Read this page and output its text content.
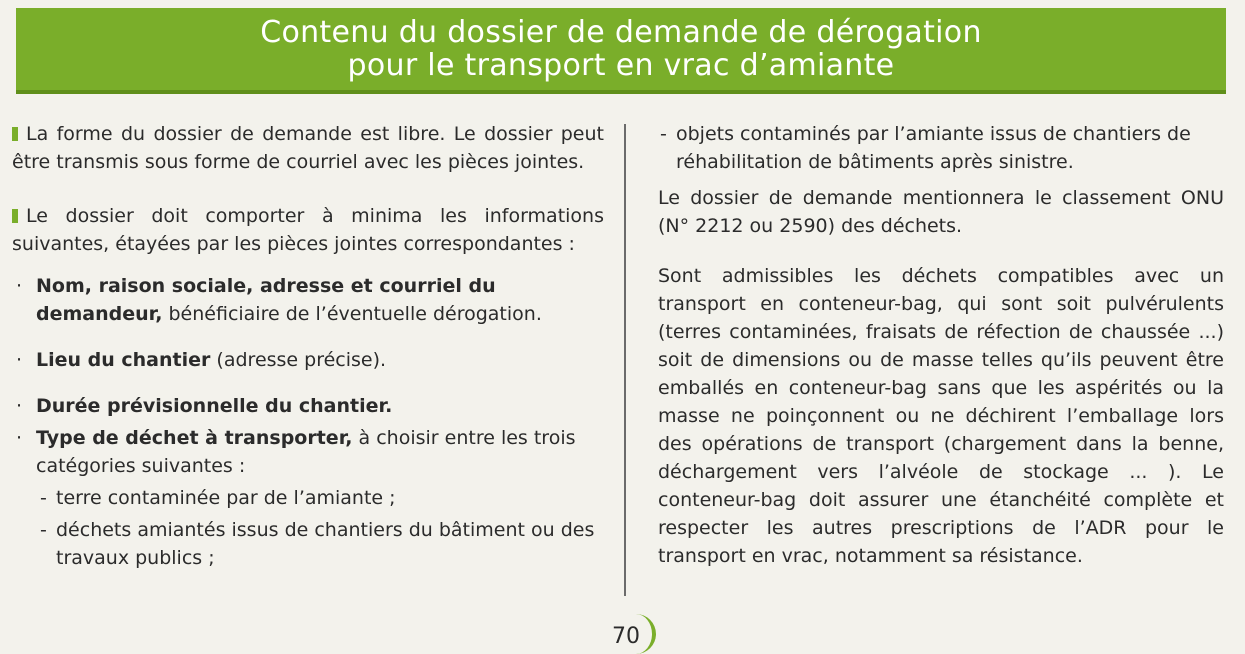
Contenu du dossier de demande de dérogation
pour le transport en vrac d’amiante

La forme du dossier de demande est libre. Le dossier peut être transmis sous forme de courriel avec les pièces jointes.

Le dossier doit comporter à minima les informations suivantes, étayées par les pièces jointes correspondantes :

· Nom, raison sociale, adresse et courriel du demandeur, bénéficiaire de l’éventuelle dérogation.
· Lieu du chantier (adresse précise).
· Durée prévisionnelle du chantier.
· Type de déchet à transporter, à choisir entre les trois catégories suivantes :
- terre contaminée par de l’amiante ;
- déchets amiantés issus de chantiers du bâtiment ou des travaux publics ;
- objets contaminés par l’amiante issus de chantiers de réhabilitation de bâtiments après sinistre.

Le dossier de demande mentionnera le classement ONU (N° 2212 ou 2590) des déchets.

Sont admissibles les déchets compatibles avec un transport en conteneur-bag, qui sont soit pulvérulents (terres contaminées, fraisats de réfection de chaussée ...) soit de dimensions ou de masse telles qu’ils peuvent être emballés en conteneur-bag sans que les aspérités ou la masse ne poinçonnent ou ne déchirent l’emballage lors des opérations de transport (chargement dans la benne, déchargement vers l’alvéole de stockage ... ). Le conteneur-bag doit assurer une étanchéité complète et respecter les autres prescriptions de l’ADR pour le transport en vrac, notamment sa résistance.

70
